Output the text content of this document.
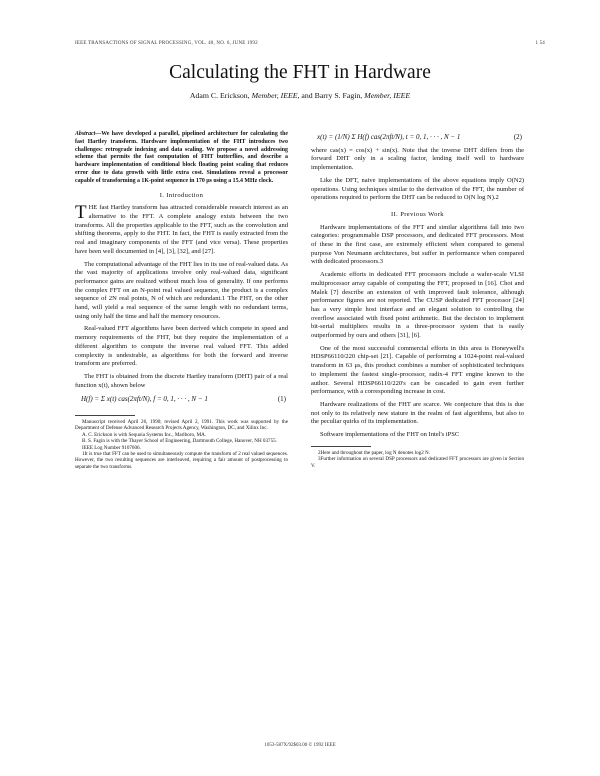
IEEE TRANSACTIONS OF SIGNAL PROCESSING, VOL. 40, NO. 6, JUNE 1992	1 54
Calculating the FHT in Hardware
Adam C. Erickson, Member, IEEE, and Barry S. Fagin, Member, IEEE
Abstract—We have developed a parallel, pipelined architecture for calculating the fast Hartley transform. Hardware implementation of the FHT introduces two challenges: retrograde indexing and data scaling. We propose a novel addressing scheme that permits the fast computation of FHT butterflies, and describe a hardware implementation of conditional block floating point scaling that reduces error due to data growth with little extra cost. Simulations reveal a processor capable of transforming a 1K-point sequence in 170 μs using a 15.4 MHz clock.
I. Introduction

THE fast Hartley transform has attracted considerable research interest as an alternative to the FFT. A complete analogy exists between the two transforms. All the properties applicable to the FFT, such as the convolution and shifting theorems, apply to the FHT. In fact, the FHT is easily extracted from the real and imaginary components of the FFT (and vice versa). These properties have been well documented in [4], [3], [32], and [27].

The computational advantage of the FHT lies in its use of real-valued data. As the vast majority of applications involve only real-valued data, significant performance gains are realized without much loss of generality. If one performs the complex FFT on an N-point real valued sequence, the product is a complex sequence of 2N real points, N of which are redundant.1 The FHT, on the other hand, will yield a real sequence of the same length with no redundant terms, using only half the time and half the memory resources.

Real-valued FFT algorithms have been derived which compete in speed and memory requirements of the FHT, but they require the implementation of a different algorithm to compute the inverse real valued FFT. This added complexity is undesirable, as algorithms for both the forward and inverse transform are preferred.

The FHT is obtained from the discrete Hartley transform (DHT) pair of a real function x(t), shown below

H(f) = Σ x(t) cas(2πft/N), f = 0, 1, · · · , N − 1	(1)
Manuscript received April 26, 1990; revised April 2, 1991. This work was supported by the Department of Defense Advanced Research Projects Agency, Washington, DC, and Xilinx Inc.
A. C. Erickson is with Sequoia Systems Inc., Marlboro, MA.
B. S. Fagin is with the Thayer School of Engineering, Dartmouth College, Hanover, NH 03755.
IEEE Log Number 9107606.
1It is true that FFT can be used to simultaneously compute the transform of 2 real valued sequences. However, the two resulting sequences are interleaved, requiring a fair amount of postprocessing to separate the two transforms.
x(t) = (1/N) Σ H(f) cas(2πft/N), t = 0, 1, · · · , N − 1	(2)

where cas(x) = cos(x) + sin(x). Note that the inverse DHT differs from the forward DHT only in a scaling factor, lending itself well to hardware implementation.

Like the DFT, naive implementations of the above equations imply O(N2) operations. Using techniques similar to the derivation of the FFT, the number of operations required to perform the DHT can be reduced to O(N log N).2

II. Previous Work

Hardware implementations of the FFT and similar algorithms fall into two categories: programmable DSP processors, and dedicated FFT processors. Most of these in the first case, are extremely efficient when compared to general purpose Von Neumann architectures, but suffer in performance when compared with dedicated processors.3

Academic efforts in dedicated FFT processors include a wafer-scale VLSI multiprocessor array capable of computing the FFT, proposed in [16]. Choi and Malek [7] describe an extension of with improved fault tolerance, although performance figures are not reported. The CUSP dedicated FFT processor [24] has a very simple host interface and an elegant solution to controlling the overflow associated with fixed point arithmetic. But the decision to implement bit-serial multipliers results in a three-processor system that is easily outperformed by ours and others [31], [6].

One of the most successful commercial efforts in this area is Honeywell's HDSP66110/220 chip-set [21]. Capable of performing a 1024-point real-valued transform in 63 μs, this product combines a number of sophisticated techniques to implement the fastest single-processor, radix-4 FFT engine known to the author. Several HDSP66110/220's can be cascaded to gain even further performance, with a corresponding increase in cost.

Hardware realizations of the FHT are scarce. We conjecture that this is due not only to its relatively new stature in the realm of fast algorithms, but also to the peculiar quirks of its implementation.

Software implementations of the FHT on Intel's iPSC

2Here and throughout the paper, log N denotes log2 N.
3Further information on several DSP processors and dedicated FFT processors are given in Section V.
1053-587X/92$03.00 © 1992 IEEE
